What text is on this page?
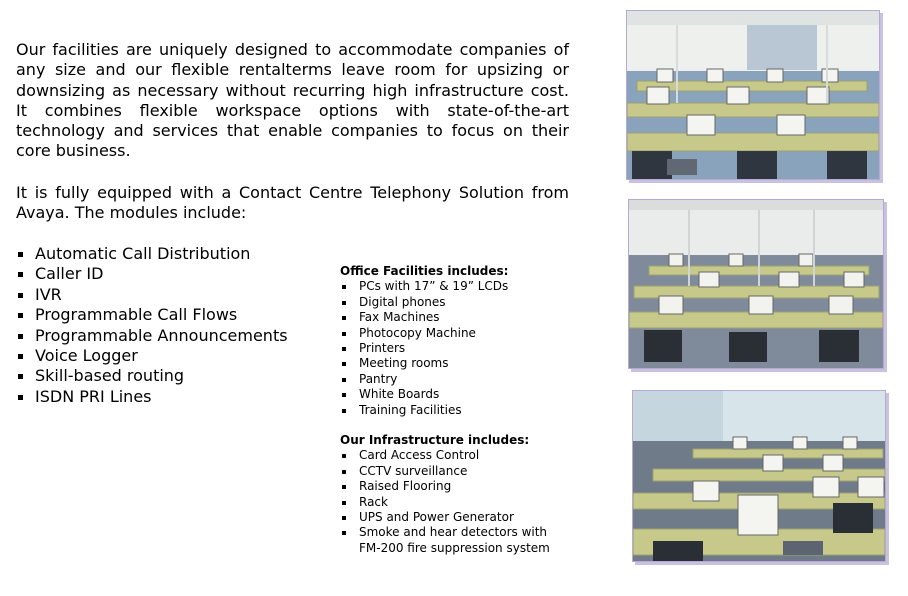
Our facilities are uniquely designed to accommodate companies of any size and our flexible rentalterms leave room for upsizing or downsizing as necessary without recurring high infrastructure cost. It combines flexible workspace options with state-of-the-art technology and services that enable companies to focus on their core business.

It is fully equipped with a Contact Centre Telephony Solution from Avaya. The modules include:

Automatic Call Distribution
Caller ID
IVR
Programmable Call Flows
Programmable Announcements
Voice Logger
Skill-based routing
ISDN PRI Lines

Office Facilities includes:

PCs with 17” & 19” LCDs
Digital phones
Fax Machines
Photocopy Machine
Printers
Meeting rooms
Pantry
White Boards
Training Facilities

Our Infrastructure includes:

Card Access Control
CCTV surveillance
Raised Flooring
Rack
UPS and Power Generator
Smoke and hear detectors with
FM-200 fire suppression system
